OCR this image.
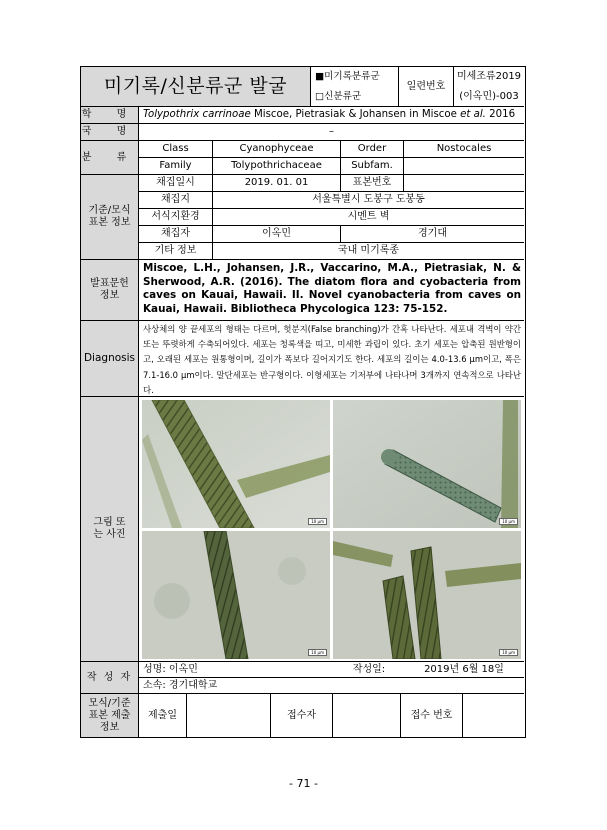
미기록/신분류군 발굴	■미기록분류군
□신분류군
일련번호
미세조류2019
(이옥민)-003
학 명 Tolypothrix carrinoae Miscoe, Pietrasiak & Johansen in Miscoe et al. 2016
국 명	–
분 류
Class	Cyanophyceae	Order	Nostocales
Family	Tolypothrichaceae	Subfam.
기준/모식 표본 정보
채집일시	2019. 01. 01	표본번호
채집지	서울특별시 도봉구 도봉동
서식지환경	시멘트 벽
채집자	이옥민	경기대
기타 정보	국내 미기록종
발표문헌 정보
Miscoe, L.H., Johansen, J.R., Vaccarino, M.A., Pietrasiak, N. & Sherwood, A.R. (2016). The diatom flora and cyobacteria from caves on Kauai, Hawaii. II. Novel cyanobacteria from caves on Kauai, Hawaii. Bibliotheca Phycologica 123: 75-152.
Diagnosis
사상체의 양 끝세포의 형태는 다르며, 헛분지(False branching)가 간혹 나타난다. 세포내 격벽이 약간 또는 뚜렷하게 수축되어있다. 세포는 청록색을 띠고, 미세한 과립이 있다. 초기 세포는 압축된 원반형이고, 오래된 세포는 원통형이며, 길이가 폭보다 길어지기도 한다. 세포의 길이는 4.0-13.6 μm이고, 폭은 7.1-16.0 μm이다. 말단세포는 반구형이다. 이형세포는 기저부에 나타나며 3개까지 연속적으로 나타난다.
그림 또는 사진
10 μm	10 μm
10 μm	10 μm
작 성 자
성명: 이옥민	작성일:	2019년 6월 18일
소속: 경기대학교
모식/기준 표본 제출정보
제출일	접수자	접수 번호
- 71 -
